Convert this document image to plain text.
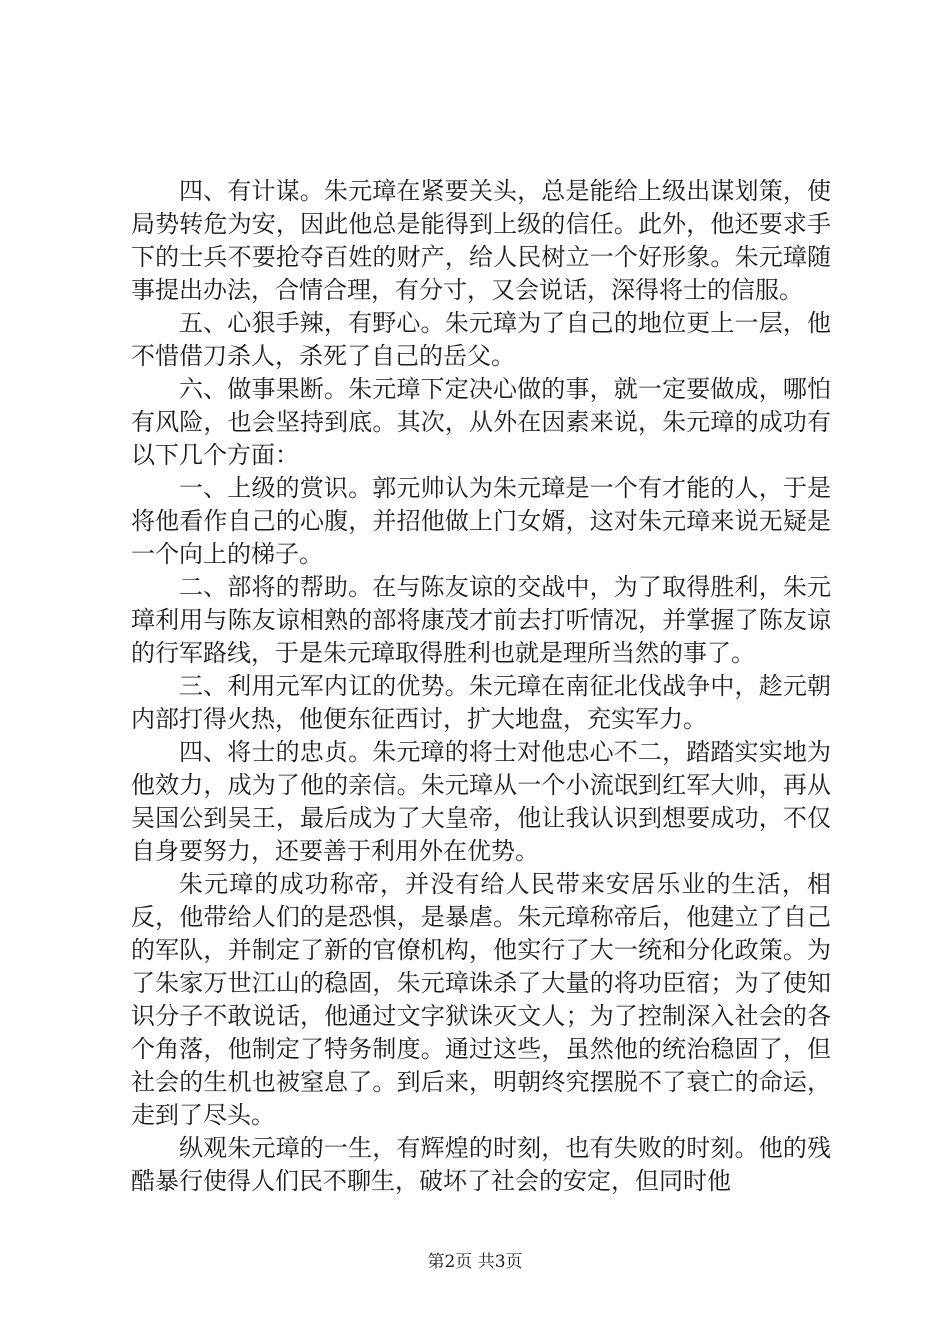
四、有计谋。朱元璋在紧要关头，总是能给上级出谋划策，使局势转危为安，因此他总是能得到上级的信任。此外，他还要求手下的士兵不要抢夺百姓的财产，给人民树立一个好形象。朱元璋随事提出办法，合情合理，有分寸，又会说话，深得将士的信服。

五、心狠手辣，有野心。朱元璋为了自己的地位更上一层，他不惜借刀杀人，杀死了自己的岳父。

六、做事果断。朱元璋下定决心做的事，就一定要做成，哪怕有风险，也会坚持到底。其次，从外在因素来说，朱元璋的成功有以下几个方面：

一、上级的赏识。郭元帅认为朱元璋是一个有才能的人，于是将他看作自己的心腹，并招他做上门女婿，这对朱元璋来说无疑是一个向上的梯子。

二、部将的帮助。在与陈友谅的交战中，为了取得胜利，朱元璋利用与陈友谅相熟的部将康茂才前去打听情况，并掌握了陈友谅的行军路线，于是朱元璋取得胜利也就是理所当然的事了。

三、利用元军内讧的优势。朱元璋在南征北伐战争中，趁元朝内部打得火热，他便东征西讨，扩大地盘，充实军力。

四、将士的忠贞。朱元璋的将士对他忠心不二，踏踏实实地为他效力，成为了他的亲信。朱元璋从一个小流氓到红军大帅，再从吴国公到吴王，最后成为了大皇帝，他让我认识到想要成功，不仅自身要努力，还要善于利用外在优势。

朱元璋的成功称帝，并没有给人民带来安居乐业的生活，相反，他带给人们的是恐惧，是暴虐。朱元璋称帝后，他建立了自己的军队，并制定了新的官僚机构，他实行了大一统和分化政策。为了朱家万世江山的稳固，朱元璋诛杀了大量的将功臣宿；为了使知识分子不敢说话，他通过文字狱诛灭文人；为了控制深入社会的各个角落，他制定了特务制度。通过这些，虽然他的统治稳固了，但社会的生机也被窒息了。到后来，明朝终究摆脱不了衰亡的命运，走到了尽头。

纵观朱元璋的一生，有辉煌的时刻，也有失败的时刻。他的残酷暴行使得人们民不聊生，破坏了社会的安定，但同时他

第2页 共3页
